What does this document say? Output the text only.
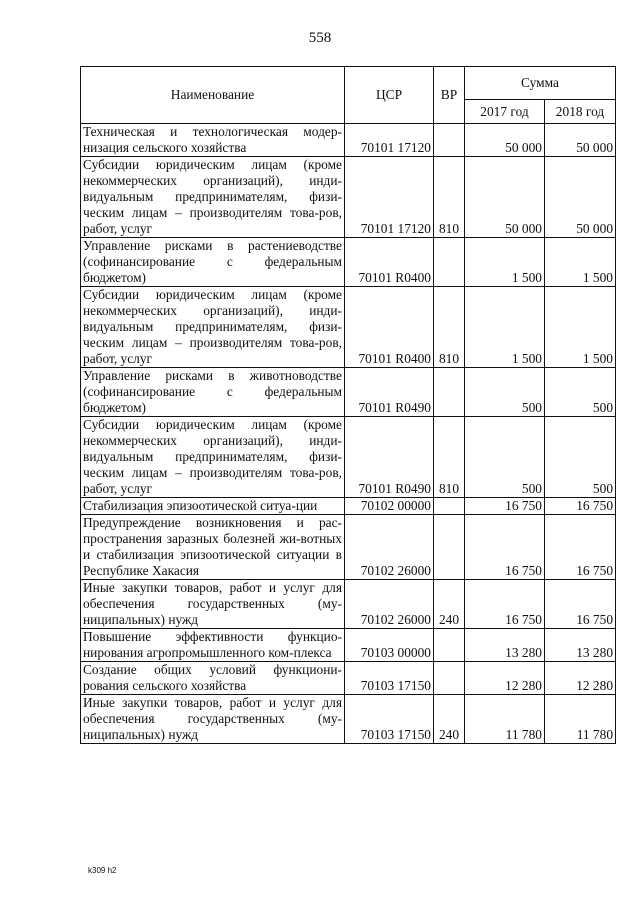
558
Наименование	ЦСР	ВР	Сумма	
			2017 год	2018 год
Техническая и технологическая модер-низация сельского хозяйства	70101 17120		50 000	50 000
Субсидии юридическим лицам (кроме некоммерческих организаций), инди-видуальным предпринимателям, физи-ческим лицам – производителям това-ров, работ, услуг	70101 17120	810	50 000	50 000
Управление рисками в растениеводстве (софинансирование с федеральным бюджетом)	70101 R0400		1 500	1 500
Субсидии юридическим лицам (кроме некоммерческих организаций), инди-видуальным предпринимателям, физи-ческим лицам – производителям това-ров, работ, услуг	70101 R0400	810	1 500	1 500
Управление рисками в животноводстве (софинансирование с федеральным бюджетом)	70101 R0490		500	500
Субсидии юридическим лицам (кроме некоммерческих организаций), инди-видуальным предпринимателям, физи-ческим лицам – производителям това-ров, работ, услуг	70101 R0490	810	500	500
Стабилизация эпизоотической ситуа-ции	70102 00000		16 750	16 750
Предупреждение возникновения и рас-пространения заразных болезней жи-вотных и стабилизация эпизоотической ситуации в Республике Хакасия	70102 26000		16 750	16 750
Иные закупки товаров, работ и услуг для обеспечения государственных (му-ниципальных) нужд	70102 26000	240	16 750	16 750
Повышение эффективности функцио-нирования агропромышленного ком-плекса	70103 00000		13 280	13 280
Создание общих условий функциони-рования сельского хозяйства	70103 17150		12 280	12 280
Иные закупки товаров, работ и услуг для обеспечения государственных (му-ниципальных) нужд	70103 17150	240	11 780	11 780
k309 h2
